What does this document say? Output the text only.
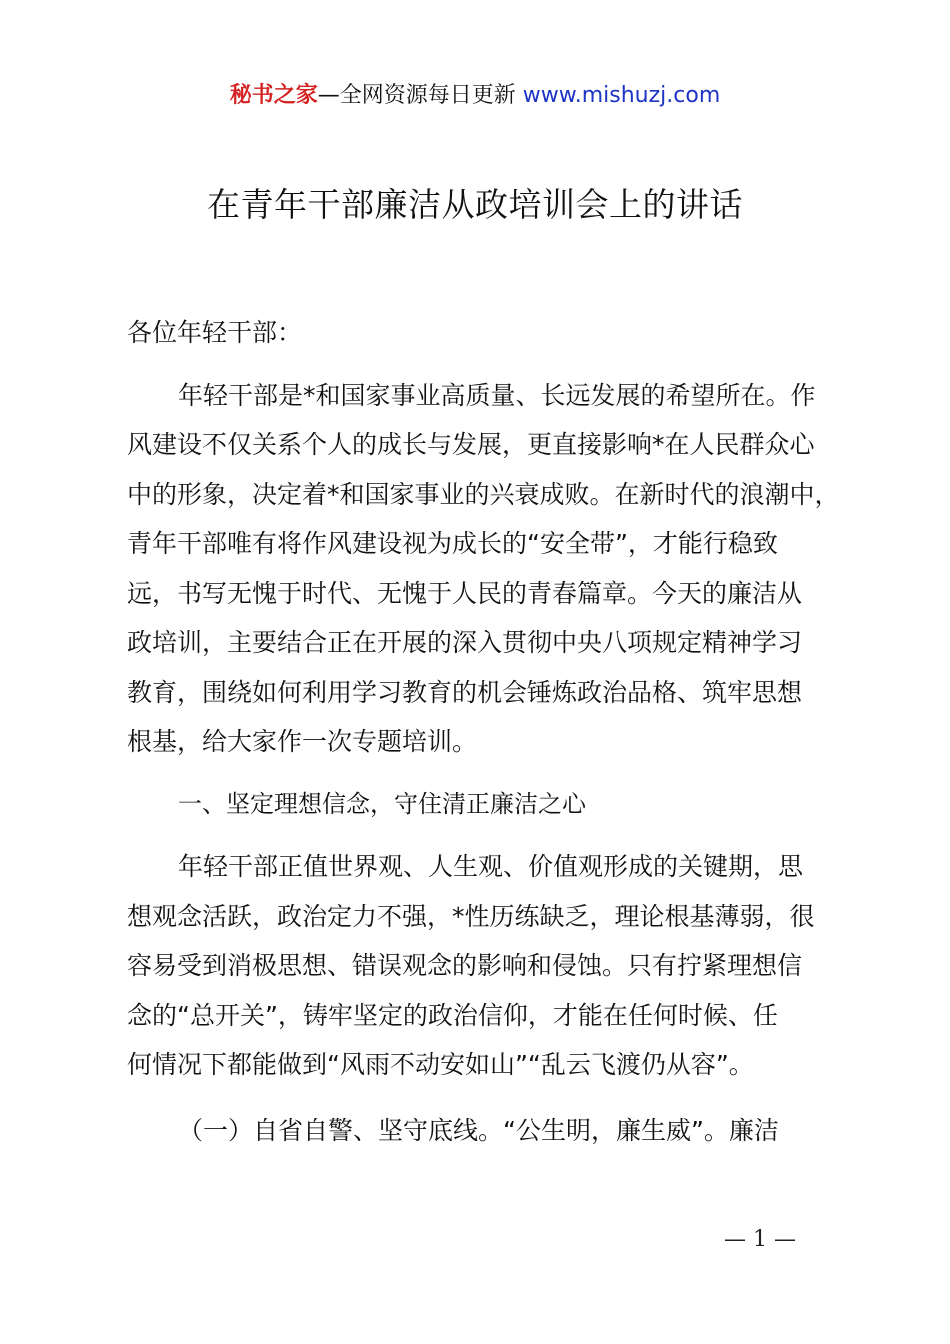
秘书之家—全网资源每日更新 www.mishuzj.com
在青年干部廉洁从政培训会上的讲话
各位年轻干部：
年轻干部是*和国家事业高质量、长远发展的希望所在。作
风建设不仅关系个人的成长与发展，更直接影响*在人民群众心
中的形象，决定着*和国家事业的兴衰成败。在新时代的浪潮中，
青年干部唯有将作风建设视为成长的“安全带”，才能行稳致
远，书写无愧于时代、无愧于人民的青春篇章。今天的廉洁从
政培训，主要结合正在开展的深入贯彻中央八项规定精神学习
教育，围绕如何利用学习教育的机会锤炼政治品格、筑牢思想
根基，给大家作一次专题培训。
一、坚定理想信念，守住清正廉洁之心
年轻干部正值世界观、人生观、价值观形成的关键期，思
想观念活跃，政治定力不强，*性历练缺乏，理论根基薄弱，很
容易受到消极思想、错误观念的影响和侵蚀。只有拧紧理想信
念的“总开关”，铸牢坚定的政治信仰，才能在任何时候、任
何情况下都能做到“风雨不动安如山”“乱云飞渡仍从容”。
（一）自省自警、坚守底线。“公生明，廉生威”。廉洁
— 1 —
